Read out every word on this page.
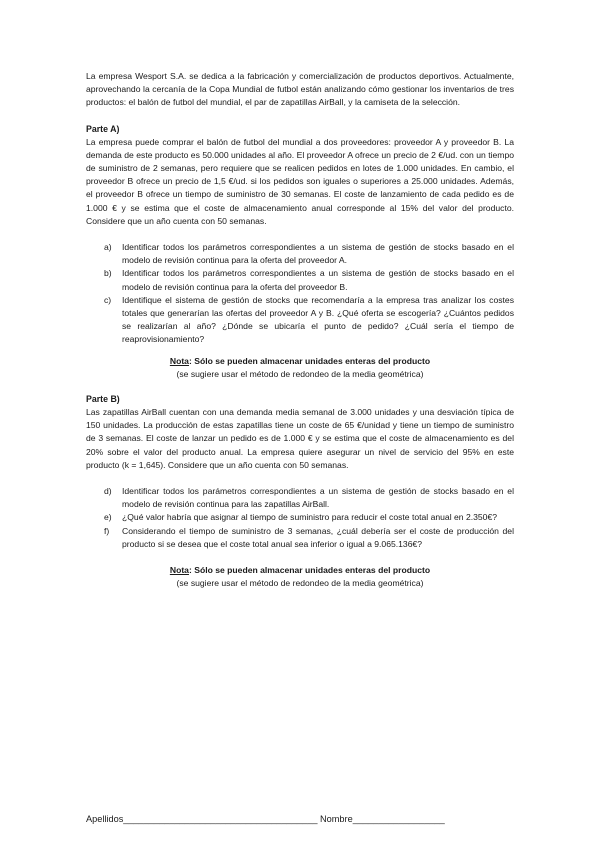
La empresa Wesport S.A. se dedica a la fabricación y comercialización de productos deportivos. Actualmente, aprovechando la cercanía de la Copa Mundial de futbol están analizando cómo gestionar los inventarios de tres productos: el balón de futbol del mundial, el par de zapatillas AirBall, y la camiseta de la selección.

Parte A)

La empresa puede comprar el balón de futbol del mundial a dos proveedores: proveedor A y proveedor B. La demanda de este producto es 50.000 unidades al año. El proveedor A ofrece un precio de 2 €/ud. con un tiempo de suministro de 2 semanas, pero requiere que se realicen pedidos en lotes de 1.000 unidades. En cambio, el proveedor B ofrece un precio de 1,5 €/ud. si los pedidos son iguales o superiores a 25.000 unidades. Además, el proveedor B ofrece un tiempo de suministro de 30 semanas. El coste de lanzamiento de cada pedido es de 1.000 € y se estima que el coste de almacenamiento anual corresponde al 15% del valor del producto. Considere que un año cuenta con 50 semanas.

a)	Identificar todos los parámetros correspondientes a un sistema de gestión de stocks basado en el modelo de revisión continua para la oferta del proveedor A.
b)	Identificar todos los parámetros correspondientes a un sistema de gestión de stocks basado en el modelo de revisión continua para la oferta del proveedor B.
c)	Identifique el sistema de gestión de stocks que recomendaría a la empresa tras analizar los costes totales que generarían las ofertas del proveedor A y B. ¿Qué oferta se escogería? ¿Cuántos pedidos se realizarían al año? ¿Dónde se ubicaría el punto de pedido? ¿Cuál sería el tiempo de reaprovisionamiento?
Nota: Sólo se pueden almacenar unidades enteras del producto
(se sugiere usar el método de redondeo de la media geométrica)

Parte B)

Las zapatillas AirBall cuentan con una demanda media semanal de 3.000 unidades y una desviación típica de 150 unidades. La producción de estas zapatillas tiene un coste de 65 €/unidad y tiene un tiempo de suministro de 3 semanas. El coste de lanzar un pedido es de 1.000 € y se estima que el coste de almacenamiento es del 20% sobre el valor del producto anual. La empresa quiere asegurar un nivel de servicio del 95% en este producto (k = 1,645). Considere que un año cuenta con 50 semanas.

d)	Identificar todos los parámetros correspondientes a un sistema de gestión de stocks basado en el modelo de revisión continua para las zapatillas AirBall.
e)	¿Qué valor habría que asignar al tiempo de suministro para reducir el coste total anual en 2.350€?
f)	Considerando el tiempo de suministro de 3 semanas, ¿cuál debería ser el coste de producción del producto si se desea que el coste total anual sea inferior o igual a 9.065.136€?
Nota: Sólo se pueden almacenar unidades enteras del producto
(se sugiere usar el método de redondeo de la media geométrica)
Apellidos______________________________________ Nombre__________________
